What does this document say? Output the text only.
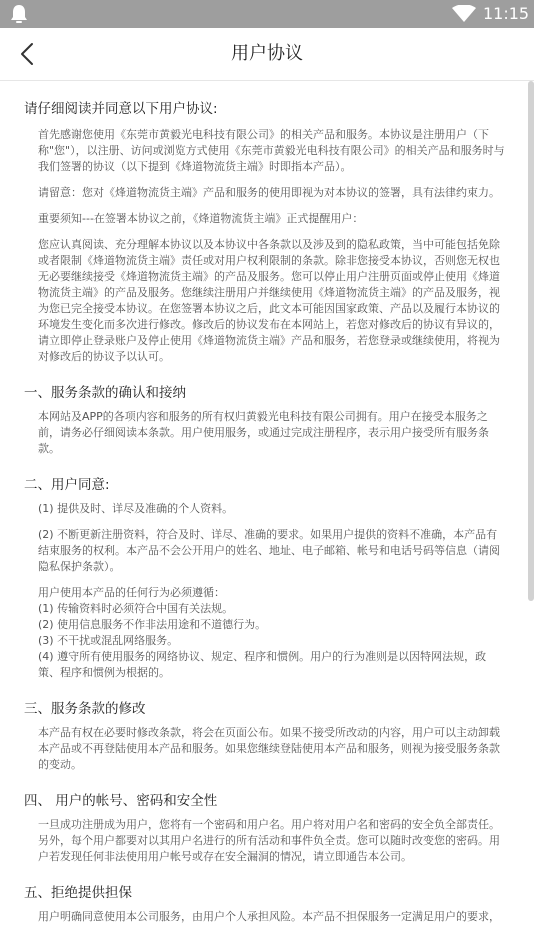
11:15
用户协议
请仔细阅读并同意以下用户协议:

首先感谢您使用《东莞市黄毅光电科技有限公司》的相关产品和服务。本协议是注册用户（下称"您"），以注册、访问或浏览方式使用《东莞市黄毅光电科技有限公司》的相关产品和服务时与我们签署的协议（以下提到《烽道物流货主端》时即指本产品）。

请留意：您对《烽道物流货主端》产品和服务的使用即视为对本协议的签署，具有法律约束力。

重要须知---在签署本协议之前，《烽道物流货主端》正式提醒用户：

您应认真阅读、充分理解本协议以及本协议中各条款以及涉及到的隐私政策，当中可能包括免除或者限制《烽道物流货主端》责任或对用户权利限制的条款。除非您接受本协议，否则您无权也无必要继续接受《烽道物流货主端》的产品及服务。您可以停止用户注册页面或停止使用《烽道物流货主端》的产品及服务。您继续注册用户并继续使用《烽道物流货主端》的产品及服务，视为您已完全接受本协议。在您签署本协议之后，此文本可能因国家政策、产品以及履行本协议的环境发生变化而多次进行修改。修改后的协议发布在本网站上，若您对修改后的协议有异议的，请立即停止登录账户及停止使用《烽道物流货主端》产品和服务，若您登录或继续使用，将视为对修改后的协议予以认可。

一、服务条款的确认和接纳

本网站及APP的各项内容和服务的所有权归黄毅光电科技有限公司拥有。用户在接受本服务之前，请务必仔细阅读本条款。用户使用服务，或通过完成注册程序，表示用户接受所有服务条款。

二、用户同意:

(1) 提供及时、详尽及准确的个人资料。

(2) 不断更新注册资料，符合及时、详尽、准确的要求。如果用户提供的资料不准确，本产品有结束服务的权利。本产品不会公开用户的姓名、地址、电子邮箱、帐号和电话号码等信息（请阅隐私保护条款）。

用户使用本产品的任何行为必须遵循：
(1) 传输资料时必须符合中国有关法规。
(2) 使用信息服务不作非法用途和不道德行为。
(3) 不干扰或混乱网络服务。
(4) 遵守所有使用服务的网络协议、规定、程序和惯例。用户的行为准则是以因特网法规，政策、程序和惯例为根据的。

三、服务条款的修改

本产品有权在必要时修改条款，将会在页面公布。如果不接受所改动的内容，用户可以主动卸载本产品或不再登陆使用本产品和服务。如果您继续登陆使用本产品和服务，则视为接受服务条款的变动。

四、 用户的帐号、密码和安全性

一旦成功注册成为用户，您将有一个密码和用户名。用户将对用户名和密码的安全负全部责任。另外，每个用户都要对以其用户名进行的所有活动和事件负全责。您可以随时改变您的密码。用户若发现任何非法使用用户帐号或存在安全漏洞的情况，请立即通告本公司。

五、拒绝提供担保

用户明确同意使用本公司服务，由用户个人承担风险。本产品不担保服务一定满足用户的要求，
